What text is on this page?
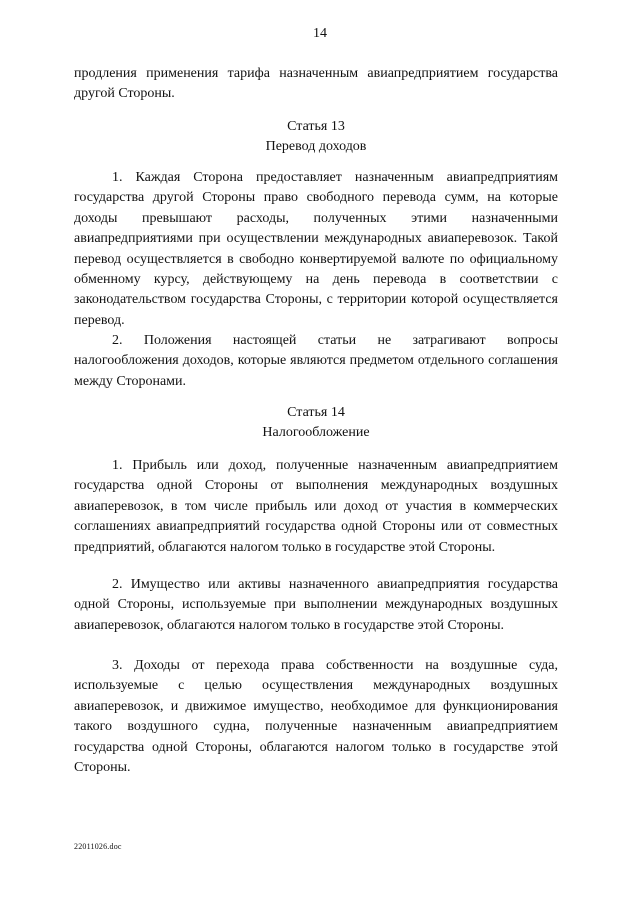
14

продления применения тарифа назначенным авиапредприятием государства другой Стороны.

Статья 13
Перевод доходов

1. Каждая Сторона предоставляет назначенным авиапредприятиям государства другой Стороны право свободного перевода сумм, на которые доходы превышают расходы, полученных этими назначенными авиапредприятиями при осуществлении международных авиаперевозок. Такой перевод осуществляется в свободно конвертируемой валюте по официальному обменному курсу, действующему на день перевода в соответствии с законодательством государства Стороны, с территории которой осуществляется перевод.

2. Положения настоящей статьи не затрагивают вопросы налогообложения доходов, которые являются предметом отдельного соглашения между Сторонами.

Статья 14
Налогообложение

1. Прибыль или доход, полученные назначенным авиапредприятием государства одной Стороны от выполнения международных воздушных авиаперевозок, в том числе прибыль или доход от участия в коммерческих соглашениях авиапредприятий государства одной Стороны или от совместных предприятий, облагаются налогом только в государстве этой Стороны.

2. Имущество или активы назначенного авиапредприятия государства одной Стороны, используемые при выполнении международных воздушных авиаперевозок, облагаются налогом только в государстве этой Стороны.

3. Доходы от перехода права собственности на воздушные суда, используемые с целью осуществления международных воздушных авиаперевозок, и движимое имущество, необходимое для функционирования такого воздушного судна, полученные назначенным авиапредприятием государства одной Стороны, облагаются налогом только в государстве этой Стороны.

22011026.doc
